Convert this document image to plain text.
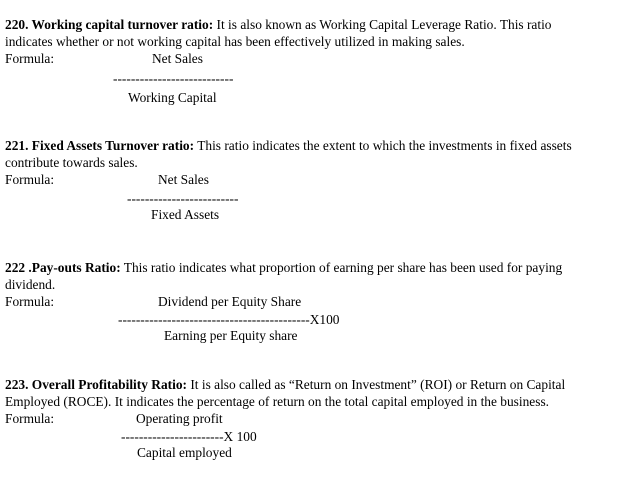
220. Working capital turnover ratio: It is also known as Working Capital Leverage Ratio. This ratio
indicates whether or not working capital has been effectively utilized in making sales.
Formula:	Net Sales
---------------------------
Working Capital
221. Fixed Assets Turnover ratio: This ratio indicates the extent to which the investments in fixed assets
contribute towards sales.
Formula:	Net Sales
-------------------------
Fixed Assets
222 .Pay-outs Ratio: This ratio indicates what proportion of earning per share has been used for paying
dividend.
Formula:	Dividend per Equity Share
-------------------------------------------X100
Earning per Equity share
223. Overall Profitability Ratio: It is also called as “Return on Investment” (ROI) or Return on Capital
Employed (ROCE). It indicates the percentage of return on the total capital employed in the business.
Formula:	Operating profit
-----------------------X 100
Capital employed
